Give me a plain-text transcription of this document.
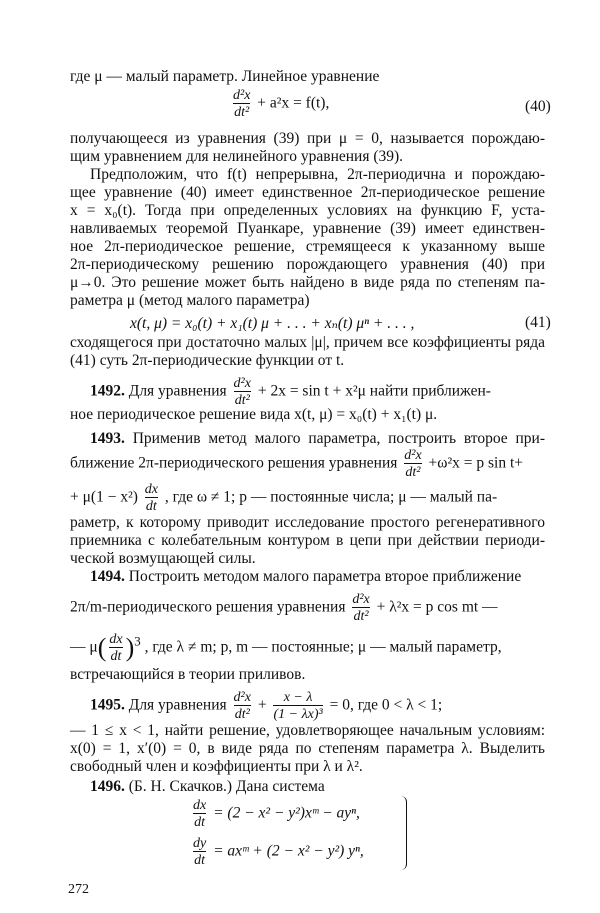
где μ — малый параметр. Линейное уравнение
$\frac{\text{d²x}}{\text{dt²}} + a^2x = f(t)$,	(40)
получающееся из уравнения (39) при μ = 0, называется порождаю-
щим уравнением для нелинейного уравнения (39).
Предположим, что f(t) непрерывна, 2π-периодична и порождаю-
щее уравнение (40) имеет единственное 2π-периодическое решение
x = x₀(t). Тогда при определенных условиях на функцию F, уста-
навливаемых теоремой Пуанкаре, уравнение (39) имеет единствен-
ное 2π-периодическое решение, стремящееся к указанному выше
2π-периодическому решению порождающего уравнения (40) при
μ→0. Это решение может быть найдено в виде ряда по степеням па-
раметра μ (метод малого параметра)
x(t, μ) = x₀(t) + x₁(t) μ + . . . + xₙ(t) μⁿ + . . . ,	(41)
сходящегося при достаточно малых |μ|, причем все коэффициенты ряда
(41) суть 2π-периодические функции от t.
1492. Для уравнения $\frac{\text{d²x}}{\text{dt²}} + 2x = \sin t + x^2\mu$ найти приближен-
ное периодическое решение вида x(t, μ) = x₀(t) + x₁(t) μ.
1493. Применив метод малого параметра, построить второе при-
ближение 2π-периодического решения уравнения $\frac{\text{d²x}}{\text{dt²}} +\omega^2x = p$ sin t+
+ $\mu(1 - x^2) \frac{dx}{dt}$ , где ω ≠ 1; p — постоянные числа; μ — малый па-
раметр, к которому приводит исследование простого регенеративного
приемника с колебательным контуром в цепи при действии периоди-
ческой возмущающей силы.
1494. Построить методом малого параметра второе приближение
2π/m-периодического решения уравнения $\frac{\text{d²x}}{\text{dt²}} + \lambda^2x = p$ cos mt —
— $\mu( \frac{dx}{dt} )^3$ , где λ ≠ m; p, m — постоянные; μ — малый параметр,
встречающийся в теории приливов.
1495. Для уравнения $\frac{\text{d²x}}{\text{dt²}} + \frac{x - \lambda}{\text{(1 − λx)³}} = 0$, где 0 < λ < 1;
— 1 ≤ x < 1, найти решение, удовлетворяющее начальным условиям:
x(0) = 1, x′(0) = 0, в виде ряда по степеням параметра λ. Выделить
свободный член и коэффициенты при λ и λ².
1496. (Б. Н. Скачков.) Дана система
$\frac{dx}{dt} = (2 - x^2$ − y²)xᵐ − ayⁿ,
$\frac{dy}{dt}$ = axᵐ + (2 − x² − y²) yⁿ,
272
